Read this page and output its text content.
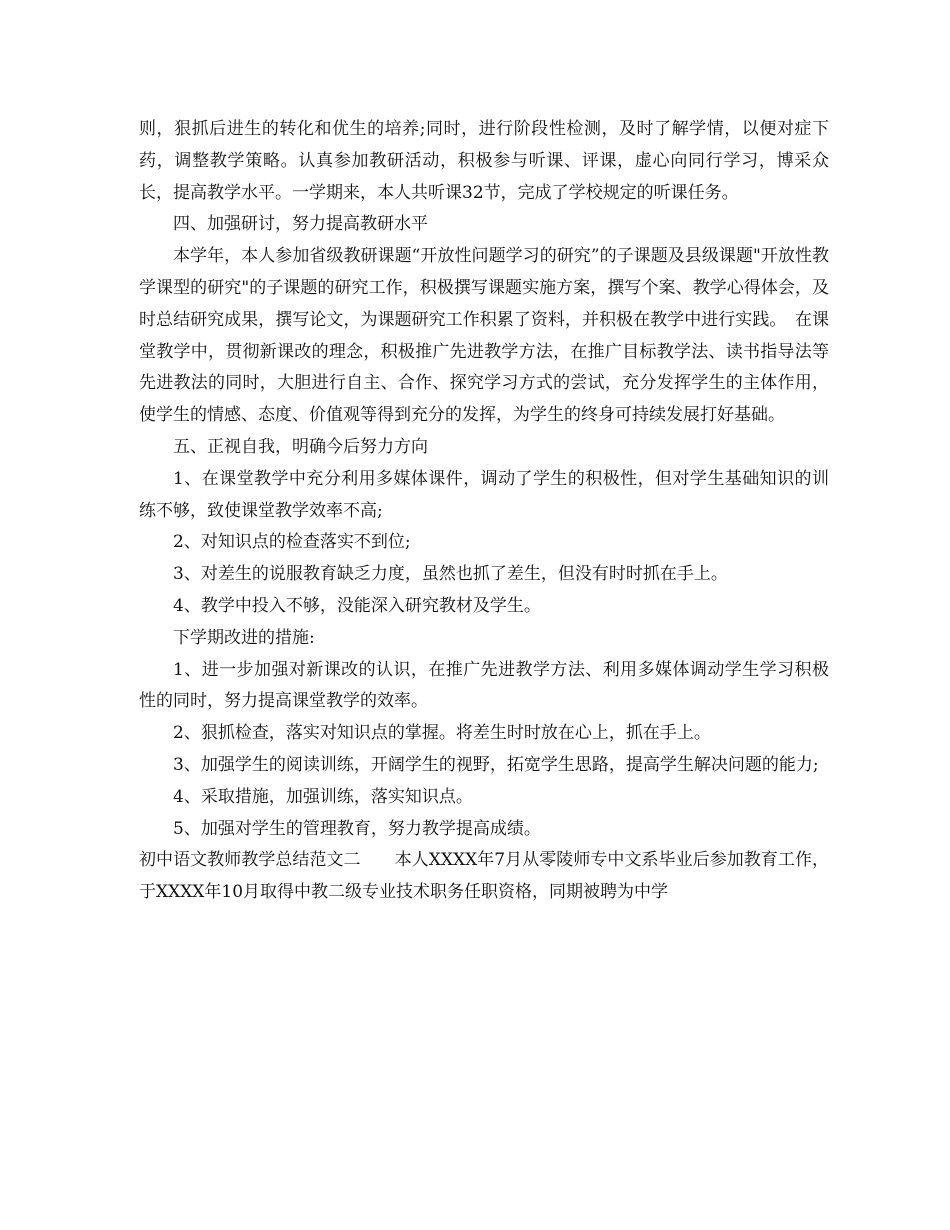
则，狠抓后进生的转化和优生的培养;同时，进行阶段性检测，及时了解学情，以便对症下药，调整教学策略。认真参加教研活动，积极参与听课、评课，虚心向同行学习，博采众长，提高教学水平。一学期来，本人共听课32节，完成了学校规定的听课任务。

四、加强研讨，努力提高教研水平

本学年，本人参加省级教研课题“开放性问题学习的研究”的子课题及县级课题"开放性教学课型的研究"的子课题的研究工作，积极撰写课题实施方案，撰写个案、教学心得体会，及时总结研究成果，撰写论文，为课题研究工作积累了资料，并积极在教学中进行实践。　在课堂教学中，贯彻新课改的理念，积极推广先进教学方法，在推广目标教学法、读书指导法等先进教法的同时，大胆进行自主、合作、探究学习方式的尝试，充分发挥学生的主体作用，使学生的情感、态度、价值观等得到充分的发挥，为学生的终身可持续发展打好基础。

五、正视自我，明确今后努力方向

1、在课堂教学中充分利用多媒体课件，调动了学生的积极性，但对学生基础知识的训练不够，致使课堂教学效率不高;

2、对知识点的检查落实不到位;

3、对差生的说服教育缺乏力度，虽然也抓了差生，但没有时时抓在手上。

4、教学中投入不够，没能深入研究教材及学生。

下学期改进的措施:

1、进一步加强对新课改的认识，在推广先进教学方法、利用多媒体调动学生学习积极性的同时，努力提高课堂教学的效率。

2、狠抓检查，落实对知识点的掌握。将差生时时放在心上，抓在手上。

3、加强学生的阅读训练，开阔学生的视野，拓宽学生思路，提高学生解决问题的能力;

4、采取措施，加强训练，落实知识点。

5、加强对学生的管理教育，努力教学提高成绩。

初中语文教师教学总结范文二　　本人XXXX年7月从零陵师专中文系毕业后参加教育工作，于XXXX年10月取得中教二级专业技术职务任职资格，同期被聘为中学
